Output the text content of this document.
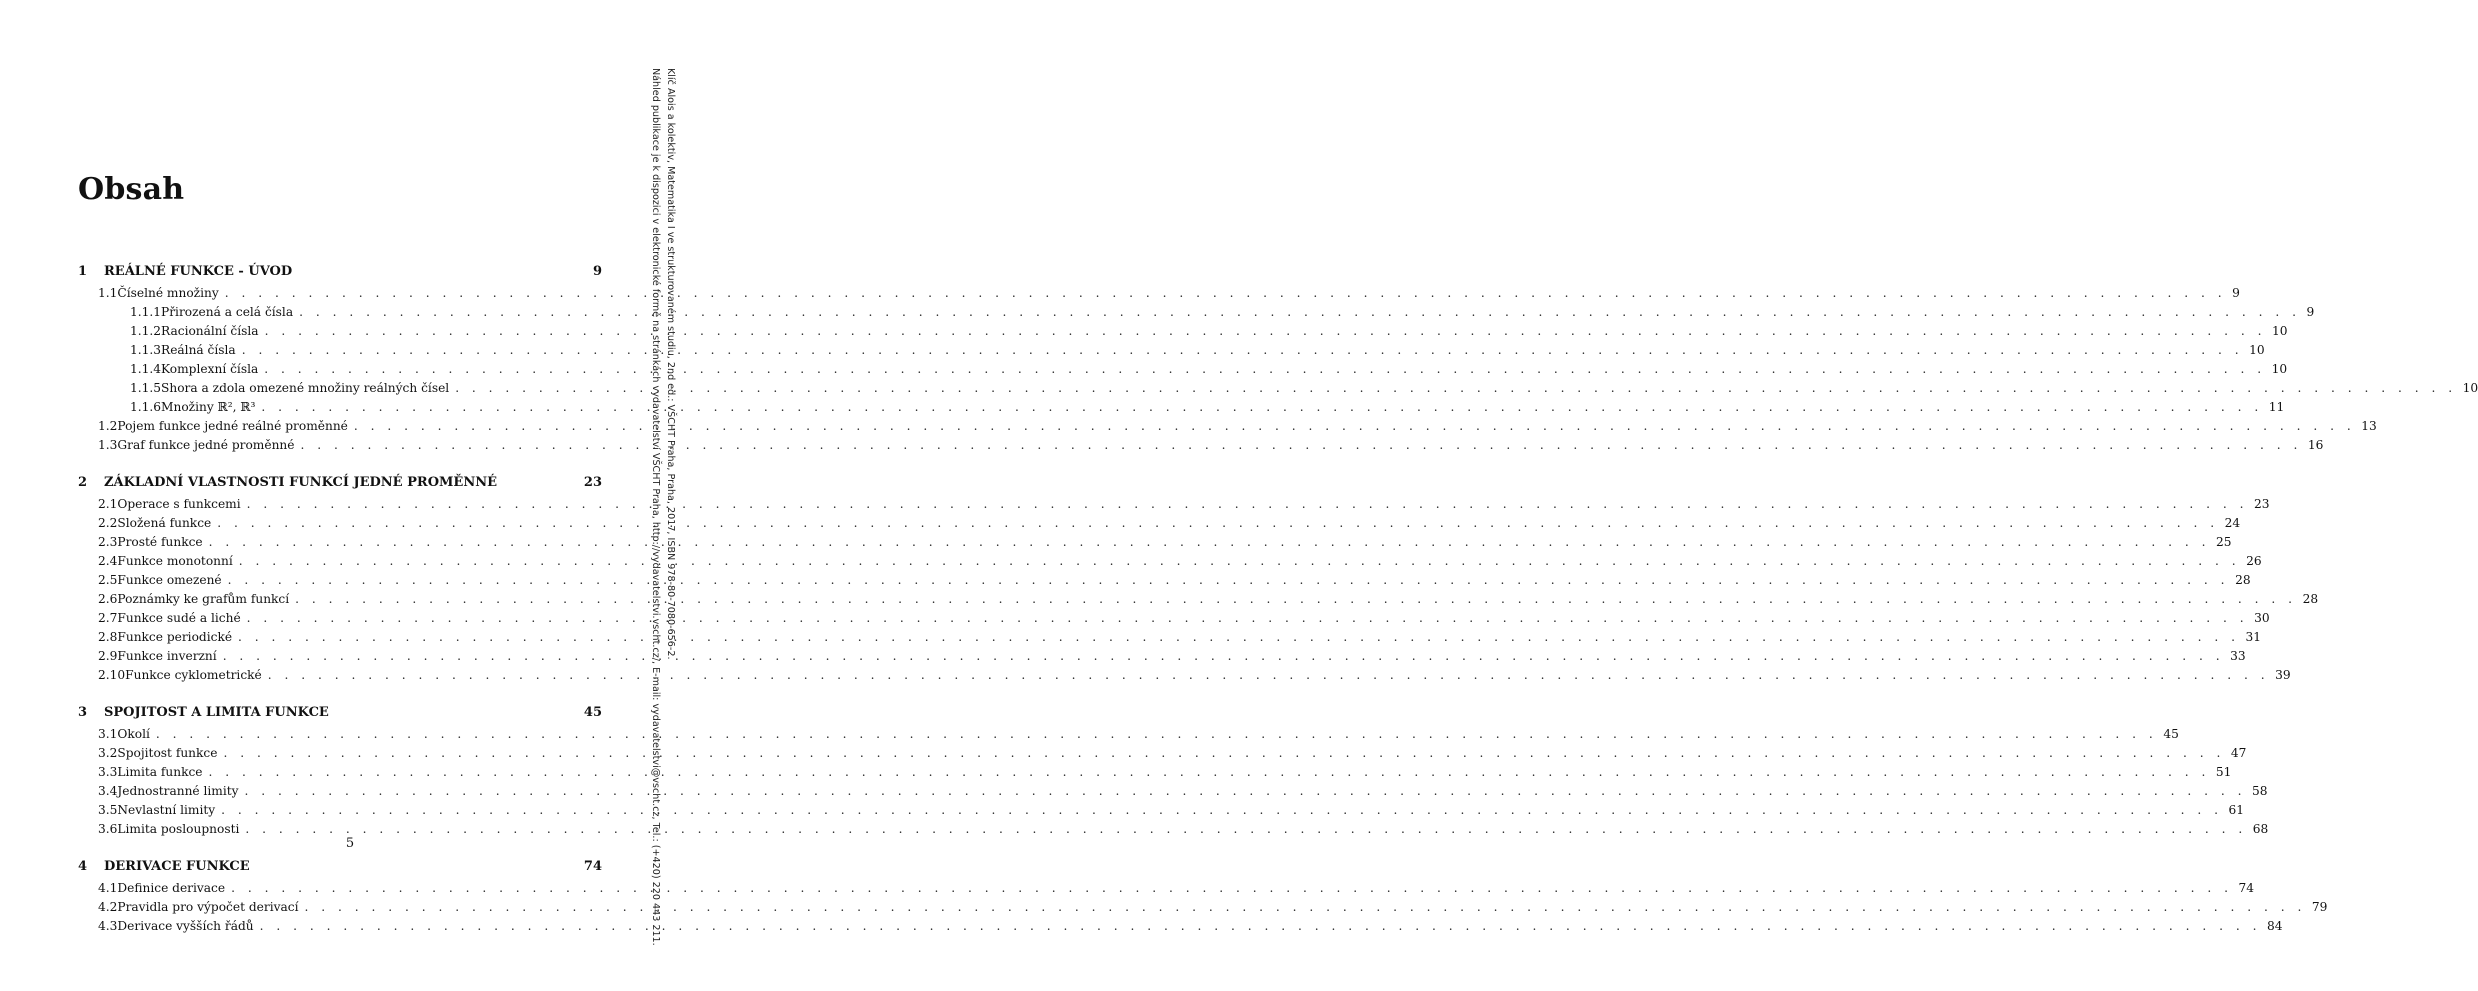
Obsah
1	REÁLNÉ FUNKCE - ÚVOD	9
1.1 Číselné množiny . . . . . . . . . . . . . . . . . . . . . . . . . . . . . . . . . . . . . . . . . . . . . . . . . . . . . . . . . . . . . . . . . . . . . . . . . . . . . . . . . . . . . . . . . . . . . . . . . . . . . . . . . . . . . . . . . . . . . . . . 9
1.1.1 Přirozená a celá čísla . . . . . . . . . . . . . . . . . . . . . . . . . . . . . . . . . . . . . . . . . . . . . . . . . . . . . . . . . . . . . . . . . . . . . . . . . . . . . . . . . . . . . . . . . . . . . . . . . . . . . . . . . . . . . . . . . . . . . . . . 9
1.1.2 Racionální čísla . . . . . . . . . . . . . . . . . . . . . . . . . . . . . . . . . . . . . . . . . . . . . . . . . . . . . . . . . . . . . . . . . . . . . . . . . . . . . . . . . . . . . . . . . . . . . . . . . . . . . . . . . . . . . . . . . . . . . . . . 10
1.1.3 Reálná čísla . . . . . . . . . . . . . . . . . . . . . . . . . . . . . . . . . . . . . . . . . . . . . . . . . . . . . . . . . . . . . . . . . . . . . . . . . . . . . . . . . . . . . . . . . . . . . . . . . . . . . . . . . . . . . . . . . . . . . . . . 10
1.1.4 Komplexní čísla . . . . . . . . . . . . . . . . . . . . . . . . . . . . . . . . . . . . . . . . . . . . . . . . . . . . . . . . . . . . . . . . . . . . . . . . . . . . . . . . . . . . . . . . . . . . . . . . . . . . . . . . . . . . . . . . . . . . . . . . 10
1.1.5 Shora a zdola omezené množiny reálných čísel . . . . . . . . . . . . . . . . . . . . . . . . . . . . . . . . . . . . . . . . . . . . . . . . . . . . . . . . . . . . . . . . . . . . . . . . . . . . . . . . . . . . . . . . . . . . . . . . . . . . . . . . . . . . . . . . . . . . . . . . 10
1.1.6 Množiny ℝ², ℝ³ . . . . . . . . . . . . . . . . . . . . . . . . . . . . . . . . . . . . . . . . . . . . . . . . . . . . . . . . . . . . . . . . . . . . . . . . . . . . . . . . . . . . . . . . . . . . . . . . . . . . . . . . . . . . . . . . . . . . . . . . 11
1.2 Pojem funkce jedné reálné proměnné . . . . . . . . . . . . . . . . . . . . . . . . . . . . . . . . . . . . . . . . . . . . . . . . . . . . . . . . . . . . . . . . . . . . . . . . . . . . . . . . . . . . . . . . . . . . . . . . . . . . . . . . . . . . . . . . . . . . . . . . 13
1.3 Graf funkce jedné proměnné . . . . . . . . . . . . . . . . . . . . . . . . . . . . . . . . . . . . . . . . . . . . . . . . . . . . . . . . . . . . . . . . . . . . . . . . . . . . . . . . . . . . . . . . . . . . . . . . . . . . . . . . . . . . . . . . . . . . . . . . 16
2	ZÁKLADNÍ VLASTNOSTI FUNKCÍ JEDNÉ PROMĚNNÉ	23
2.1 Operace s funkcemi . . . . . . . . . . . . . . . . . . . . . . . . . . . . . . . . . . . . . . . . . . . . . . . . . . . . . . . . . . . . . . . . . . . . . . . . . . . . . . . . . . . . . . . . . . . . . . . . . . . . . . . . . . . . . . . . . . . . . . . . 23
2.2 Složená funkce . . . . . . . . . . . . . . . . . . . . . . . . . . . . . . . . . . . . . . . . . . . . . . . . . . . . . . . . . . . . . . . . . . . . . . . . . . . . . . . . . . . . . . . . . . . . . . . . . . . . . . . . . . . . . . . . . . . . . . . . 24
2.3 Prosté funkce . . . . . . . . . . . . . . . . . . . . . . . . . . . . . . . . . . . . . . . . . . . . . . . . . . . . . . . . . . . . . . . . . . . . . . . . . . . . . . . . . . . . . . . . . . . . . . . . . . . . . . . . . . . . . . . . . . . . . . . . 25
2.4 Funkce monotonní . . . . . . . . . . . . . . . . . . . . . . . . . . . . . . . . . . . . . . . . . . . . . . . . . . . . . . . . . . . . . . . . . . . . . . . . . . . . . . . . . . . . . . . . . . . . . . . . . . . . . . . . . . . . . . . . . . . . . . . . 26
2.5 Funkce omezené . . . . . . . . . . . . . . . . . . . . . . . . . . . . . . . . . . . . . . . . . . . . . . . . . . . . . . . . . . . . . . . . . . . . . . . . . . . . . . . . . . . . . . . . . . . . . . . . . . . . . . . . . . . . . . . . . . . . . . . . 28
2.6 Poznámky ke grafům funkcí . . . . . . . . . . . . . . . . . . . . . . . . . . . . . . . . . . . . . . . . . . . . . . . . . . . . . . . . . . . . . . . . . . . . . . . . . . . . . . . . . . . . . . . . . . . . . . . . . . . . . . . . . . . . . . . . . . . . . . . . 28
2.7 Funkce sudé a liché . . . . . . . . . . . . . . . . . . . . . . . . . . . . . . . . . . . . . . . . . . . . . . . . . . . . . . . . . . . . . . . . . . . . . . . . . . . . . . . . . . . . . . . . . . . . . . . . . . . . . . . . . . . . . . . . . . . . . . . . 30
2.8 Funkce periodické . . . . . . . . . . . . . . . . . . . . . . . . . . . . . . . . . . . . . . . . . . . . . . . . . . . . . . . . . . . . . . . . . . . . . . . . . . . . . . . . . . . . . . . . . . . . . . . . . . . . . . . . . . . . . . . . . . . . . . . . 31
2.9 Funkce inverzní . . . . . . . . . . . . . . . . . . . . . . . . . . . . . . . . . . . . . . . . . . . . . . . . . . . . . . . . . . . . . . . . . . . . . . . . . . . . . . . . . . . . . . . . . . . . . . . . . . . . . . . . . . . . . . . . . . . . . . . . 33
2.10 Funkce cyklometrické . . . . . . . . . . . . . . . . . . . . . . . . . . . . . . . . . . . . . . . . . . . . . . . . . . . . . . . . . . . . . . . . . . . . . . . . . . . . . . . . . . . . . . . . . . . . . . . . . . . . . . . . . . . . . . . . . . . . . . . . 39
3	SPOJITOST A LIMITA FUNKCE	45
3.1 Okolí . . . . . . . . . . . . . . . . . . . . . . . . . . . . . . . . . . . . . . . . . . . . . . . . . . . . . . . . . . . . . . . . . . . . . . . . . . . . . . . . . . . . . . . . . . . . . . . . . . . . . . . . . . . . . . . . . . . . . . . . 45
3.2 Spojitost funkce . . . . . . . . . . . . . . . . . . . . . . . . . . . . . . . . . . . . . . . . . . . . . . . . . . . . . . . . . . . . . . . . . . . . . . . . . . . . . . . . . . . . . . . . . . . . . . . . . . . . . . . . . . . . . . . . . . . . . . . . 47
3.3 Limita funkce . . . . . . . . . . . . . . . . . . . . . . . . . . . . . . . . . . . . . . . . . . . . . . . . . . . . . . . . . . . . . . . . . . . . . . . . . . . . . . . . . . . . . . . . . . . . . . . . . . . . . . . . . . . . . . . . . . . . . . . . 51
3.4 Jednostranné limity . . . . . . . . . . . . . . . . . . . . . . . . . . . . . . . . . . . . . . . . . . . . . . . . . . . . . . . . . . . . . . . . . . . . . . . . . . . . . . . . . . . . . . . . . . . . . . . . . . . . . . . . . . . . . . . . . . . . . . . . 58
3.5 Nevlastní limity . . . . . . . . . . . . . . . . . . . . . . . . . . . . . . . . . . . . . . . . . . . . . . . . . . . . . . . . . . . . . . . . . . . . . . . . . . . . . . . . . . . . . . . . . . . . . . . . . . . . . . . . . . . . . . . . . . . . . . . . 61
3.6 Limita posloupnosti . . . . . . . . . . . . . . . . . . . . . . . . . . . . . . . . . . . . . . . . . . . . . . . . . . . . . . . . . . . . . . . . . . . . . . . . . . . . . . . . . . . . . . . . . . . . . . . . . . . . . . . . . . . . . . . . . . . . . . . . 68
4	DERIVACE FUNKCE	74
4.1 Definice derivace . . . . . . . . . . . . . . . . . . . . . . . . . . . . . . . . . . . . . . . . . . . . . . . . . . . . . . . . . . . . . . . . . . . . . . . . . . . . . . . . . . . . . . . . . . . . . . . . . . . . . . . . . . . . . . . . . . . . . . . . 74
4.2 Pravidla pro výpočet derivací . . . . . . . . . . . . . . . . . . . . . . . . . . . . . . . . . . . . . . . . . . . . . . . . . . . . . . . . . . . . . . . . . . . . . . . . . . . . . . . . . . . . . . . . . . . . . . . . . . . . . . . . . . . . . . . . . . . . . . . . 79
4.3 Derivace vyšších řádů . . . . . . . . . . . . . . . . . . . . . . . . . . . . . . . . . . . . . . . . . . . . . . . . . . . . . . . . . . . . . . . . . . . . . . . . . . . . . . . . . . . . . . . . . . . . . . . . . . . . . . . . . . . . . . . . . . . . . . . . 84
5
Klíč Alois a kolektiv, Matematika I ve strukturovaném studiu, 2nd ed.: VŠCHT Praha, Praha, 2017, ISBN 978-80-7080-656-2.
Náhled publikace je k dispozici v elektronické formě na stránkách vydavatelství VŠCHT Praha, http://vydavatelstvi.vscht.cz/, E-mail: vydavatelstvi@vscht.cz, Tel.: (+420) 220 443 211.
